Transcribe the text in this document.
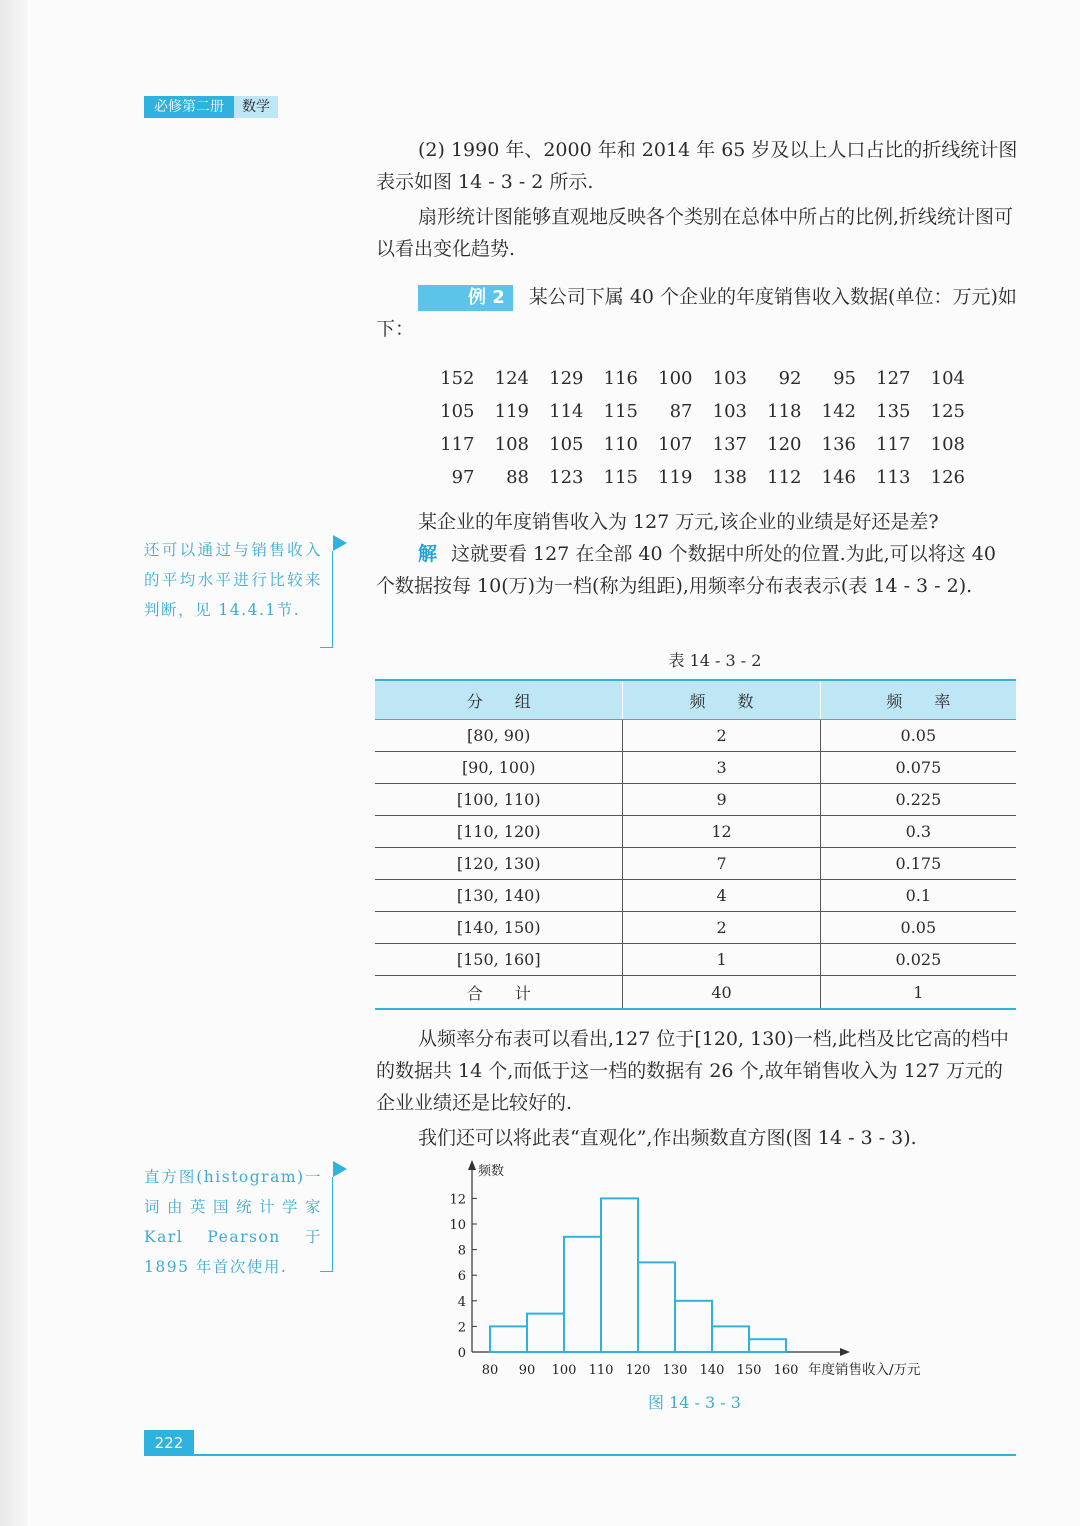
必修第二册	数学

(2) 1990 年、2000 年和 2014 年 65 岁及以上人口占比的折线统计图表示如图 14 - 3 - 2 所示.

扇形统计图能够直观地反映各个类别在总体中所占的比例,折线统计图可以看出变化趋势.

例 2 某公司下属 40 个企业的年度销售收入数据(单位：万元)如下：

152	124	129	116	100	103	92	95	127	104
105	119	114	115	87	103	118	142	135	125
117	108	105	110	107	137	120	136	117	108
97	88	123	115	119	138	112	146	113	126

某企业的年度销售收入为 127 万元,该企业的业绩是好还是差?

解 这就要看 127 在全部 40 个数据中所处的位置.为此,可以将这 40 个数据按每 10(万)为一档(称为组距),用频率分布表表示(表 14 - 3 - 2).

还可以通过与销售收入的平均水平进行比较来判断，见 14.4.1节.
表 14 - 3 - 2
分　　组	频　　数	频　　率
[80, 90)	2	0.05
[90, 100)	3	0.075
[100, 110)	9	0.225
[110, 120)	12	0.3
[120, 130)	7	0.175
[130, 140)	4	0.1
[140, 150)	2	0.05
[150, 160]	1	0.025
合　　计	40	1

从频率分布表可以看出,127 位于[120, 130)一档,此档及比它高的档中的数据共 14 个,而低于这一档的数据有 26 个,故年销售收入为 127 万元的企业业绩还是比较好的.

我们还可以将此表“直观化”,作出频数直方图(图 14 - 3 - 3).

直方图(histogram)一词由英国统计学家 Karl Pearson 于 1895 年首次使用.
频数
0
2
4
6
8
10
12
80 90 100 110 120 130 140 150 160 年度销售收入/万元
图 14 - 3 - 3
222
